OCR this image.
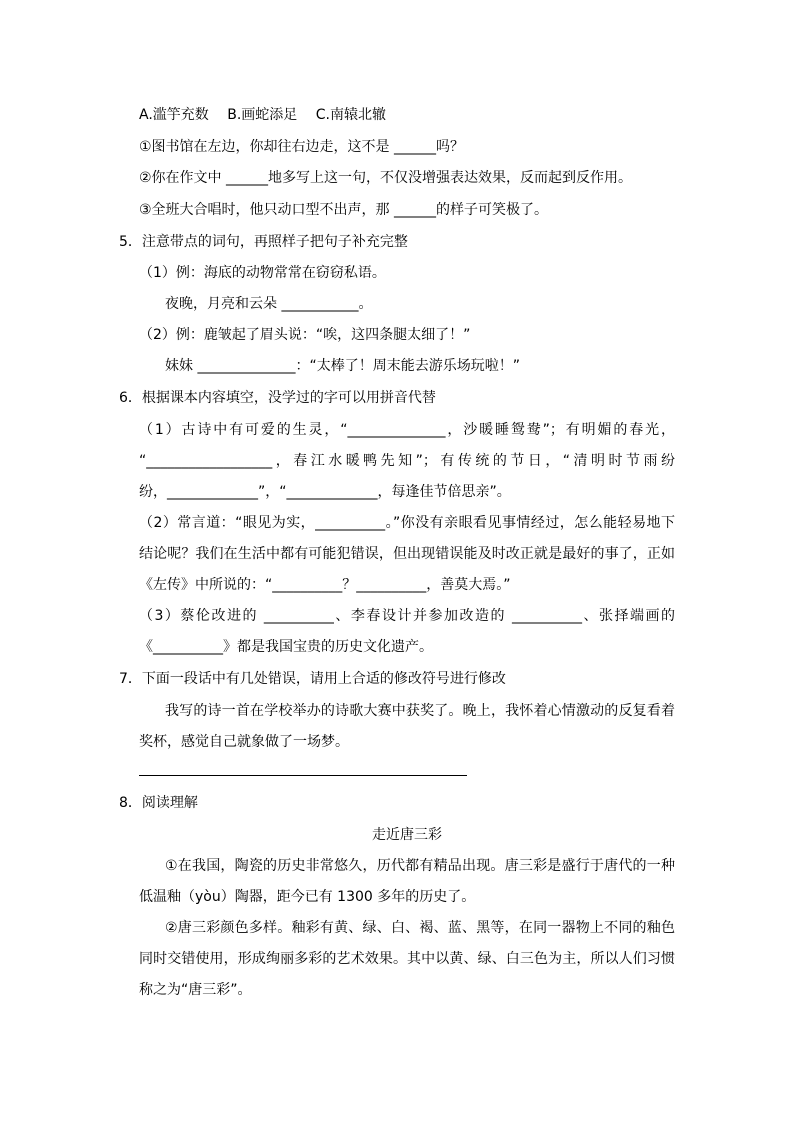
A.滥竽充数　 B.画蛇添足　 C.南辕北辙
①图书馆在左边，你却往右边走，这不是 ______吗？
②你在作文中 ______地多写上这一句，不仅没增强表达效果，反而起到反作用。
③全班大合唱时，他只动口型不出声，那 ______的样子可笑极了。
5．注意带点的词句，再照样子把句子补充完整
（1）例：海底的动物常常在窃窃私语。
夜晚，月亮和云朵 ___________。
（2）例：鹿皱起了眉头说：“唉，这四条腿太细了！”
妹妹 ______________：“太棒了！周末能去游乐场玩啦！”
6．根据课本内容填空，没学过的字可以用拼音代替
（1）古诗中有可爱的生灵，“______________，沙暖睡鸳鸯”；有明媚的春光，
“__________________，春江水暖鸭先知”；有传统的节日，“清明时节雨纷
纷，_____________”，“_____________，每逢佳节倍思亲”。
（2）常言道：“眼见为实，__________。”你没有亲眼看见事情经过，怎么能轻易地下
结论呢？我们在生活中都有可能犯错误，但出现错误能及时改正就是最好的事了，正如
《左传》中所说的：“__________？__________，善莫大焉。”
（3）蔡伦改进的 __________、李春设计并参加改造的 __________、张择端画的
《__________》都是我国宝贵的历史文化遗产。
7．下面一段话中有几处错误，请用上合适的修改符号进行修改
我写的诗一首在学校举办的诗歌大赛中获奖了。晚上，我怀着心情激动的反复看着
奖杯，感觉自己就象做了一场梦。
8．阅读理解
走近唐三彩
①在我国，陶瓷的历史非常悠久，历代都有精品出现。唐三彩是盛行于唐代的一种
低温釉（yòu）陶器，距今已有 1300 多年的历史了。
②唐三彩颜色多样。釉彩有黄、绿、白、褐、蓝、黑等，在同一器物上不同的釉色
同时交错使用，形成绚丽多彩的艺术效果。其中以黄、绿、白三色为主，所以人们习惯
称之为“唐三彩”。
